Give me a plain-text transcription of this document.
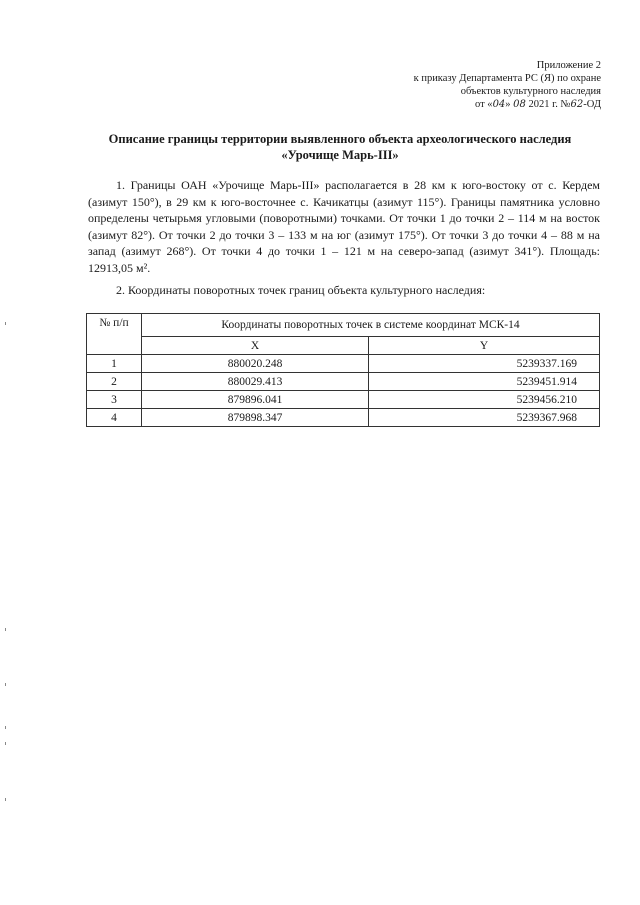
Приложение 2
к приказу Департамента РС (Я) по охране
объектов культурного наследия
от «04» 08 2021 г. №62-ОД
Описание границы территории выявленного объекта археологического наследия
«Урочище Марь-III»
1. Границы ОАН «Урочище Марь-III» располагается в 28 км к юго-востоку от с. Кердем (азимут 150°), в 29 км к юго-восточнее с. Качикатцы (азимут 115°). Границы памятника условно определены четырьмя угловыми (поворотными) точками. От точки 1 до точки 2 – 114 м на восток (азимут 82°). От точки 2 до точки 3 – 133 м на юг (азимут 175°). От точки 3 до точки 4 – 88 м на запад (азимут 268°). От точки 4 до точки 1 – 121 м на северо-запад (азимут 341°). Площадь: 12913,05 м².
2. Координаты поворотных точек границ объекта культурного наследия:
№ п/п	Координаты поворотных точек в системе координат МСК-14	
	X	Y
1	880020.248	5239337.169
2	880029.413	5239451.914
3	879896.041	5239456.210
4	879898.347	5239367.968
